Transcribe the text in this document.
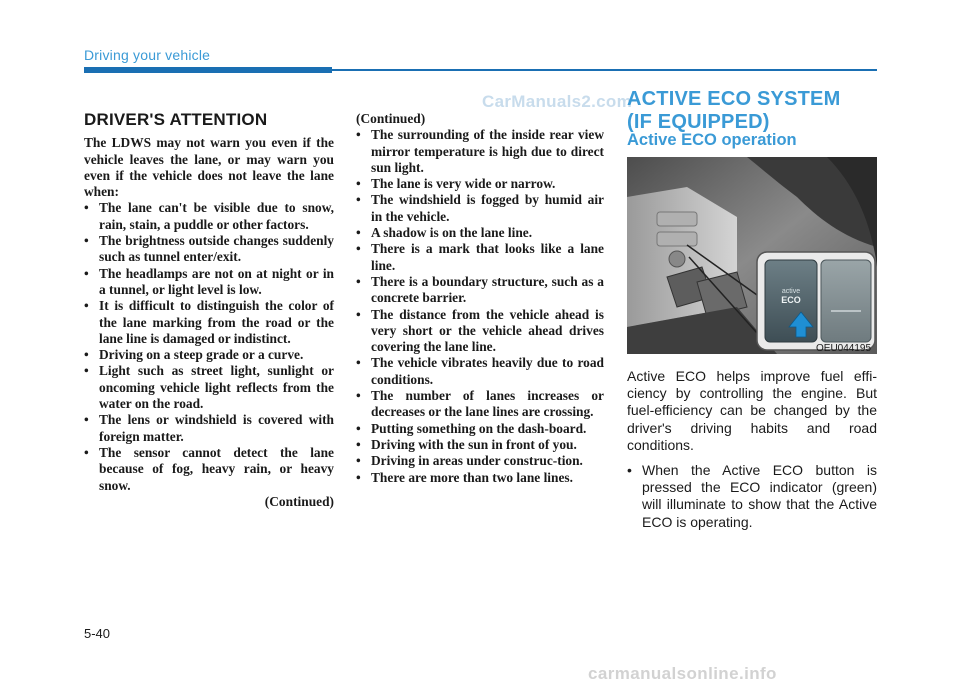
Driving your vehicle
CarManuals2.com
DRIVER'S ATTENTION

The LDWS may not warn you even if the vehicle leaves the lane, or may warn you even if the vehicle does not leave the lane when:

• The lane can't be visible due to snow, rain, stain, a puddle or other factors.
• The brightness outside changes suddenly such as tunnel enter/exit.
• The headlamps are not on at night or in a tunnel, or light level is low.
• It is difficult to distinguish the color of the lane marking from the road or the lane line is damaged or indistinct.
• Driving on a steep grade or a curve.
• Light such as street light, sunlight or oncoming vehicle light reflects from the water on the road.
• The lens or windshield is covered with foreign matter.
• The sensor cannot detect the lane because of fog, heavy rain, or heavy snow.

(Continued)

(Continued)

• The surrounding of the inside rear view mirror temperature is high due to direct sun light.
• The lane is very wide or narrow.
• The windshield is fogged by humid air in the vehicle.
• A shadow is on the lane line.
• There is a mark that looks like a lane line.
• There is a boundary structure, such as a concrete barrier.
• The distance from the vehicle ahead is very short or the vehicle ahead drives covering the lane line.
• The vehicle vibrates heavily due to road conditions.
• The number of lanes increases or decreases or the lane lines are crossing.
• Putting something on the dash-board.
• Driving with the sun in front of you.
• Driving in areas under construc-tion.
• There are more than two lane lines.
ACTIVE ECO SYSTEM
(IF EQUIPPED)
Active ECO operation
active
ECO
OEU044195

Active ECO helps improve fuel effi-ciency by controlling the engine. But fuel-efficiency can be changed by the driver's driving habits and road conditions.

• When the Active ECO button is pressed the ECO indicator (green) will illuminate to show that the Active ECO is operating.
5-40
carmanualsonline.info
